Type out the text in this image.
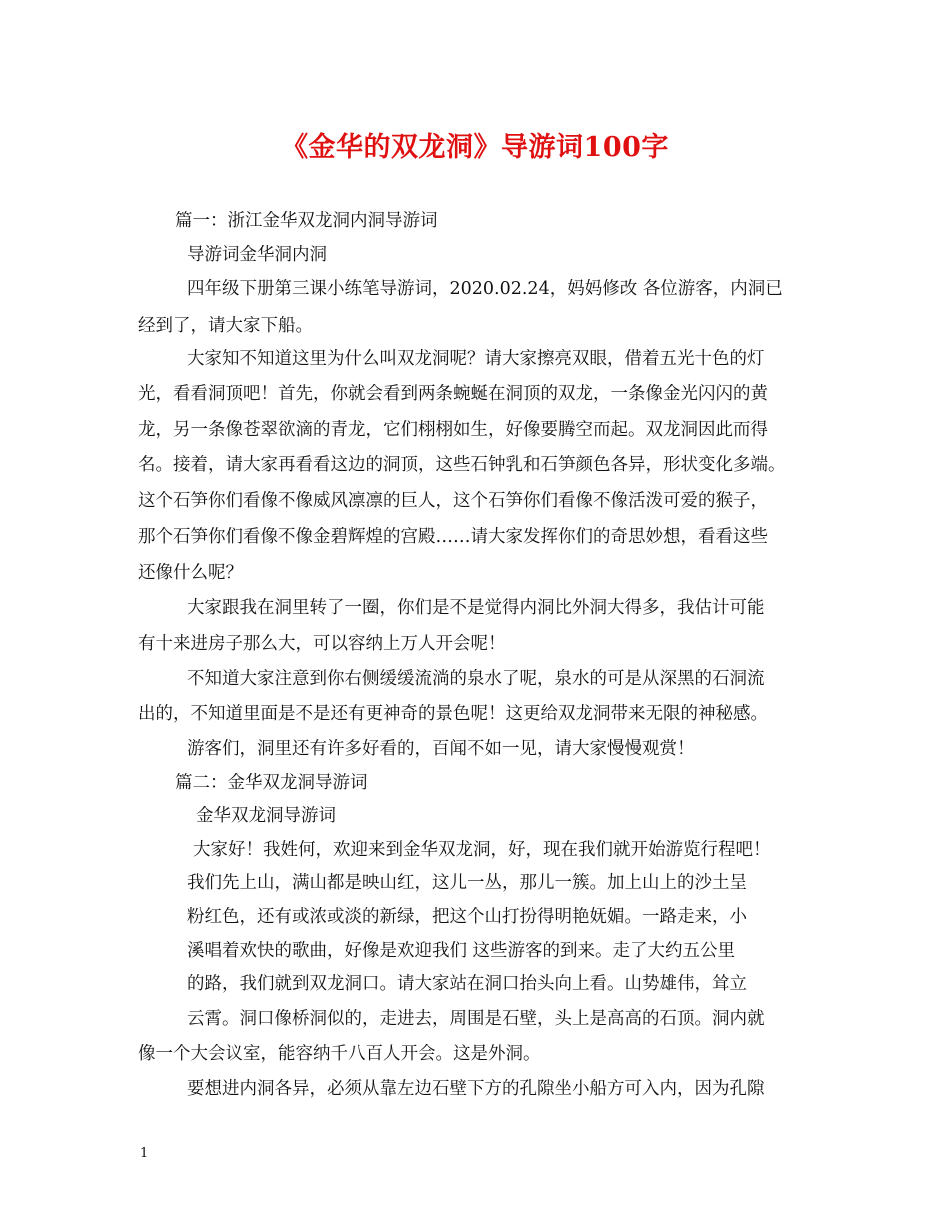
《金华的双龙洞》导游词100字
篇一：浙江金华双龙洞内洞导游词
导游词金华洞内洞
四年级下册第三课小练笔导游词，2020.02.24，妈妈修改 各位游客，内洞已
经到了，请大家下船。
大家知不知道这里为什么叫双龙洞呢？请大家擦亮双眼，借着五光十色的灯
光，看看洞顶吧！首先，你就会看到两条蜿蜒在洞顶的双龙，一条像金光闪闪的黄
龙，另一条像苍翠欲滴的青龙，它们栩栩如生，好像要腾空而起。双龙洞因此而得
名。接着，请大家再看看这边的洞顶，这些石钟乳和石笋颜色各异，形状变化多端。
这个石笋你们看像不像威风凛凛的巨人，这个石笋你们看像不像活泼可爱的猴子，
那个石笋你们看像不像金碧辉煌的宫殿……请大家发挥你们的奇思妙想，看看这些
还像什么呢？
大家跟我在洞里转了一圈，你们是不是觉得内洞比外洞大得多，我估计可能
有十来进房子那么大，可以容纳上万人开会呢！
不知道大家注意到你右侧缓缓流淌的泉水了呢，泉水的可是从深黑的石洞流
出的，不知道里面是不是还有更神奇的景色呢！这更给双龙洞带来无限的神秘感。
游客们，洞里还有许多好看的，百闻不如一见，请大家慢慢观赏！
篇二：金华双龙洞导游词
金华双龙洞导游词
大家好！我姓何，欢迎来到金华双龙洞，好，现在我们就开始游览行程吧！
我们先上山，满山都是映山红，这儿一丛，那儿一簇。加上山上的沙土呈
粉红色，还有或浓或淡的新绿，把这个山打扮得明艳妩媚。一路走来，小
溪唱着欢快的歌曲，好像是欢迎我们 这些游客的到来。走了大约五公里
的路，我们就到双龙洞口。请大家站在洞口抬头向上看。山势雄伟，耸立
云霄。洞口像桥洞似的，走进去，周围是石壁，头上是高高的石顶。洞内就
像一个大会议室，能容纳千八百人开会。这是外洞。
要想进内洞各异，必须从靠左边石壁下方的孔隙坐小船方可入内，因为孔隙
1
